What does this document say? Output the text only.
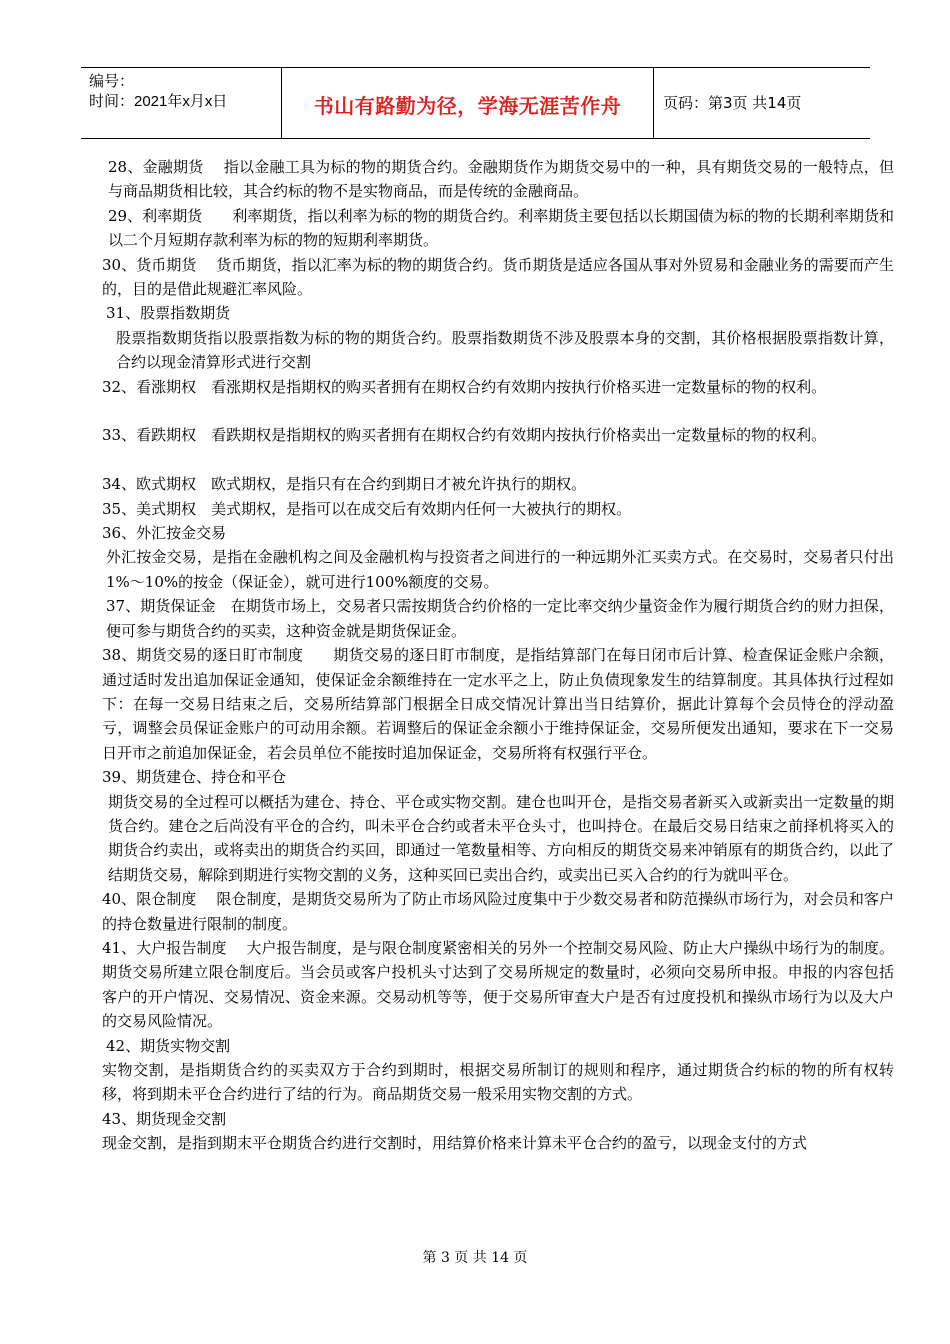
编号：
时间：2021年x月x日	书山有路勤为径，学海无涯苦作舟	页码：第3页 共14页

28、金融期货　 指以金融工具为标的物的期货合约。金融期货作为期货交易中的一种，具有期货交易的一般特点，但与商品期货相比较，其合约标的物不是实物商品，而是传统的金融商品。

29、利率期货　　利率期货，指以利率为标的物的期货合约。利率期货主要包括以长期国债为标的物的长期利率期货和以二个月短期存款利率为标的物的短期利率期货。

30、货币期货　 货币期货，指以汇率为标的物的期货合约。货币期货是适应各国从事对外贸易和金融业务的需要而产生的，目的是借此规避汇率风险。

31、股票指数期货

股票指数期货指以股票指数为标的物的期货合约。股票指数期货不涉及股票本身的交割，其价格根据股票指数计算，合约以现金清算形式进行交割

32、看涨期权　看涨期权是指期权的购买者拥有在期权合约有效期内按执行价格买进一定数量标的物的权利。

33、看跌期权　看跌期权是指期权的购买者拥有在期权合约有效期内按执行价格卖出一定数量标的物的权利。

34、欧式期权　欧式期权，是指只有在合约到期日才被允许执行的期权。

35、美式期权　美式期权，是指可以在成交后有效期内任何一大被执行的期权。

36、外汇按金交易

外汇按金交易，是指在金融机构之间及金融机构与投资者之间进行的一种远期外汇买卖方式。在交易时，交易者只付出1%～10%的按金（保证金），就可进行100%额度的交易。

37、期货保证金　在期货市场上，交易者只需按期货合约价格的一定比率交纳少量资金作为履行期货合约的财力担保，便可参与期货合约的买卖，这种资金就是期货保证金。

38、期货交易的逐日盯市制度　　期货交易的逐日盯市制度，是指结算部门在每日闭市后计算、检查保证金账户余额，通过适时发出追加保证金通知，使保证金余额维持在一定水平之上，防止负债现象发生的结算制度。其具体执行过程如下：在每一交易日结束之后，交易所结算部门根据全日成交情况计算出当日结算价，据此计算每个会员恃仓的浮动盈亏，调整会员保证金账户的可动用余额。若调整后的保证金余额小于维持保证金，交易所便发出通知，要求在下一交易日开市之前追加保证金，若会员单位不能按时追加保证金，交易所将有权强行平仓。

39、期货建仓、持仓和平仓

期货交易的全过程可以概括为建仓、持仓、平仓或实物交割。建仓也叫开仓，是指交易者新买入或新卖出一定数量的期货合约。建仓之后尚没有平仓的合约，叫未平仓合约或者未平仓头寸，也叫持仓。在最后交易日结束之前择机将买入的期货合约卖出，或将卖出的期货合约买回，即通过一笔数量相等、方向相反的期货交易来冲销原有的期货合约，以此了结期货交易，解除到期进行实物交割的义务，这种买回已卖出合约，或卖出已买入合约的行为就叫平仓。

40、限仓制度　 限仓制度，是期货交易所为了防止市场风险过度集中于少数交易者和防范操纵市场行为，对会员和客户的持仓数量进行限制的制度。

41、大户报告制度　 大户报告制度，是与限仓制度紧密相关的另外一个控制交易风险、防止大户操纵中场行为的制度。期货交易所建立限仓制度后。当会员或客户投机头寸达到了交易所规定的数量时，必须向交易所申报。申报的内容包括客户的开户情况、交易情况、资金来源。交易动机等等，便于交易所审查大户是否有过度投机和操纵市场行为以及大户的交易风险情况。

42、期货实物交割

实物交割，是指期货合约的买卖双方于合约到期时，根据交易所制订的规则和程序，通过期货合约标的物的所有权转移，将到期未平仓合约进行了结的行为。商品期货交易一般采用实物交割的方式。

43、期货现金交割

现金交割，是指到期末平仓期货合约进行交割时，用结算价格来计算未平仓合约的盈亏，以现金支付的方式

第 3 页 共 14 页
